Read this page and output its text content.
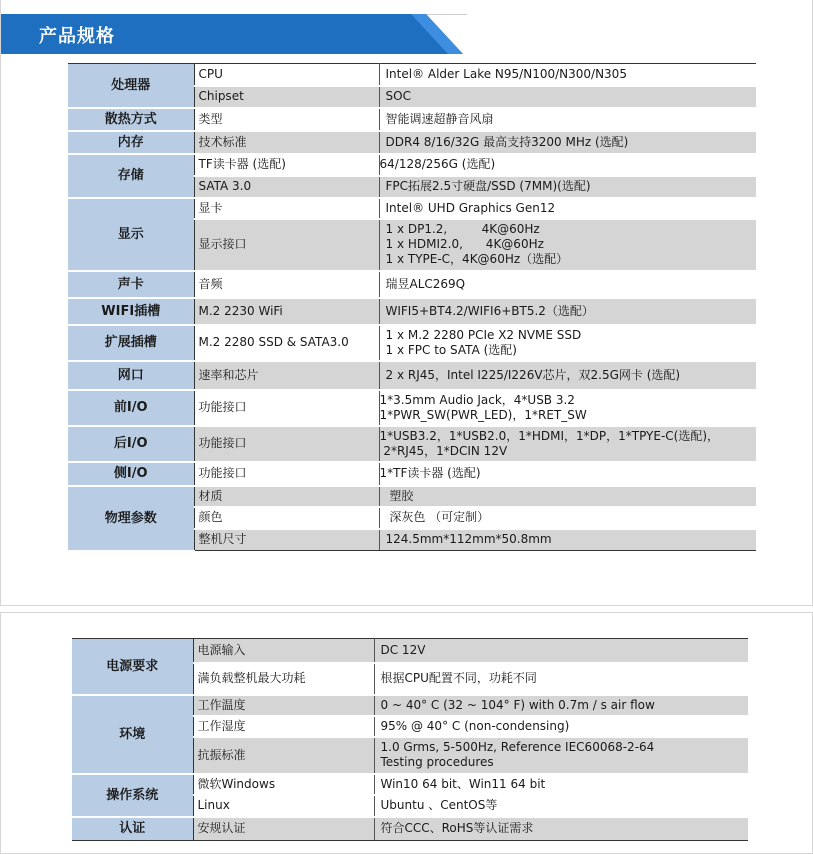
产品规格
处理器	CPU	Intel® Alder Lake N95/N100/N300/N305
	Chipset	SOC
散热方式	类型	智能调速超静音风扇
内存	技术标准	DDR4 8/16/32G 最高支持3200 MHz (选配)
存储	TF读卡器 (选配)	64/128/256G (选配)
	SATA 3.0	FPC拓展2.5寸硬盘/SSD (7MM)(选配)
显示	显卡	Intel® UHD Graphics Gen12
	显示接口	1 x DP1.2,         4K@60Hz
1 x HDMI2.0,      4K@60Hz
1 x TYPE-C，4K@60Hz（选配）
声卡	音频	瑞昱ALC269Q
WIFI插槽	M.2 2230 WiFi	WIFI5+BT4.2/WIFI6+BT5.2（选配）
扩展插槽	M.2 2280 SSD & SATA3.0	1 x M.2 2280 PCIe X2 NVME SSD
1 x FPC to SATA (选配)
网口	速率和芯片	2 x RJ45，Intel I225/I226V芯片，双2.5G网卡 (选配)
前I/O	功能接口	1*3.5mm Audio Jack，4*USB 3.2
1*PWR_SW(PWR_LED)，1*RET_SW
后I/O	功能接口	1*USB3.2，1*USB2.0，1*HDMI，1*DP，1*TPYE-C(选配)，
2*RJ45，1*DCIN 12V
侧I/O	功能接口	1*TF读卡器 (选配)
物理参数	材质	塑胶
	颜色	深灰色 （可定制）
	整机尺寸	124.5mm*112mm*50.8mm
电源要求	电源输入	DC 12V
	满负载整机最大功耗	根据CPU配置不同，功耗不同
环境	工作温度	0 ~ 40° C (32 ~ 104° F) with 0.7m / s air flow
	工作湿度	95% @ 40° C (non-condensing)
	抗振标准	1.0 Grms, 5-500Hz, Reference IEC60068-2-64
Testing procedures
操作系统	微软Windows	Win10 64 bit、Win11 64 bit
	Linux	Ubuntu 、CentOS等
认证	安规认证	符合CCC、RoHS等认证需求
